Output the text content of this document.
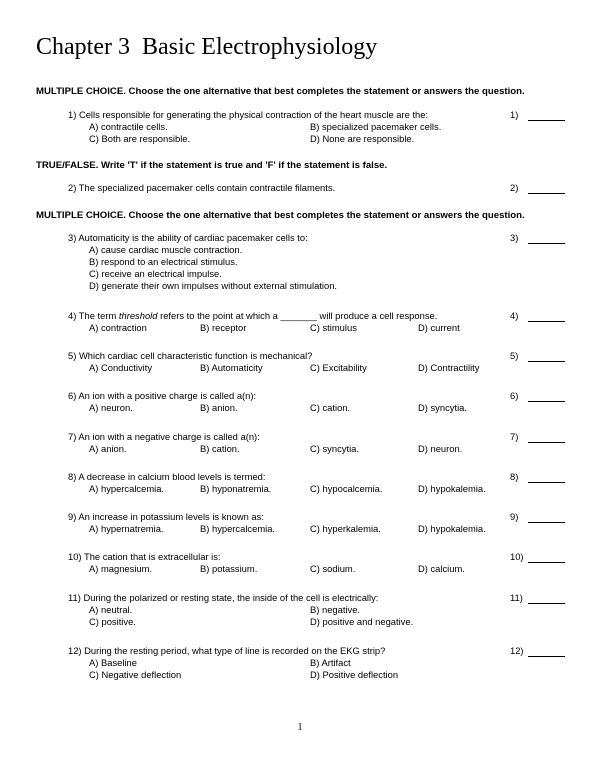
Chapter 3  Basic Electrophysiology
MULTIPLE CHOICE. Choose the one alternative that best completes the statement or answers the question.
1) Cells responsible for generating the physical contraction of the heart muscle are the:	1)
A) contractile cells.	B) specialized pacemaker cells.
C) Both are responsible.	D) None are responsible.
TRUE/FALSE. Write 'T' if the statement is true and 'F' if the statement is false.
2) The specialized pacemaker cells contain contractile filaments.	2)
MULTIPLE CHOICE. Choose the one alternative that best completes the statement or answers the question.
3) Automaticity is the ability of cardiac pacemaker cells to:	3)
A) cause cardiac muscle contraction.
B) respond to an electrical stimulus.
C) receive an electrical impulse.
D) generate their own impulses without external stimulation.
4) The term threshold refers to the point at which a _______ will produce a cell response.	4)
A) contraction	B) receptor	C) stimulus	D) current
5) Which cardiac cell characteristic function is mechanical?	5)
A) Conductivity	B) Automaticity	C) Excitability	D) Contractility
6) An ion with a positive charge is called a(n):	6)
A) neuron.	B) anion.	C) cation.	D) syncytia.
7) An ion with a negative charge is called a(n):	7)
A) anion.	B) cation.	C) syncytia.	D) neuron.
8) A decrease in calcium blood levels is termed:	8)
A) hypercalcemia.	B) hyponatremia.	C) hypocalcemia.	D) hypokalemia.
9) An increase in potassium levels is known as:	9)
A) hypernatremia.	B) hypercalcemia.	C) hyperkalemia.	D) hypokalemia.
10) The cation that is extracellular is:	10)
A) magnesium.	B) potassium.	C) sodium.	D) calcium.
11) During the polarized or resting state, the inside of the cell is electrically:	11)
A) neutral.	B) negative.
C) positive.	D) positive and negative.
12) During the resting period, what type of line is recorded on the EKG strip?	12)
A) Baseline	B) Artifact
C) Negative deflection	D) Positive deflection
1
